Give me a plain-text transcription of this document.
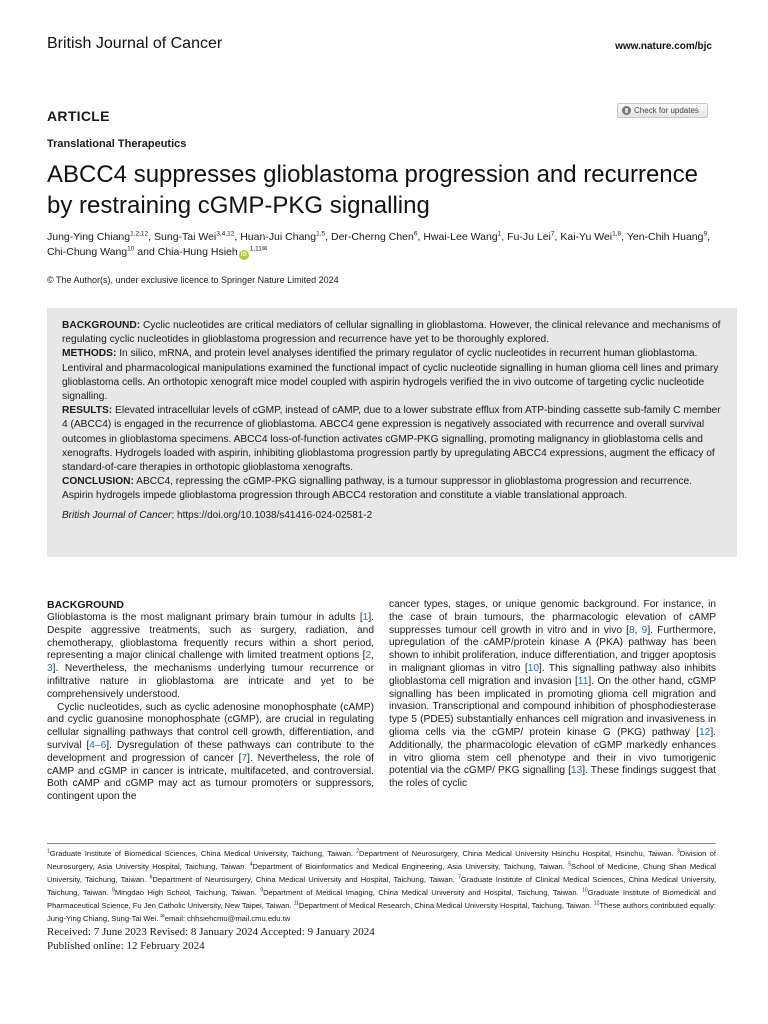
British Journal of Cancer	www.nature.com/bjc
ARTICLE	Check for updates
Translational Therapeutics
ABCC4 suppresses glioblastoma progression and recurrence by restraining cGMP-PKG signalling
Jung-Ying Chiang$^{1,2,12}$, Sung-Tai Wei$^{3,4,12}$, Huan-Jui Chang$^{1,5}$, Der-Cherng Chen$^6$, Hwai-Lee Wang$^1$, Fu-Ju Lei$^7$, Kai-Yu Wei$^{1,8}$, Yen-Chih Huang$^9$, Chi-Chung Wang$^{10}$ and Chia-Hung Hsieh $iD^{1,11✉}$
© The Author(s), under exclusive licence to Springer Nature Limited 2024

BACKGROUND: Cyclic nucleotides are critical mediators of cellular signalling in glioblastoma. However, the clinical relevance and mechanisms of regulating cyclic nucleotides in glioblastoma progression and recurrence have yet to be thoroughly explored.

METHODS: In silico, mRNA, and protein level analyses identified the primary regulator of cyclic nucleotides in recurrent human glioblastoma. Lentiviral and pharmacological manipulations examined the functional impact of cyclic nucleotide signalling in human glioma cell lines and primary glioblastoma cells. An orthotopic xenograft mice model coupled with aspirin hydrogels verified the in vivo outcome of targeting cyclic nucleotide signalling.

RESULTS: Elevated intracellular levels of cGMP, instead of cAMP, due to a lower substrate efflux from ATP-binding cassette sub-family C member 4 (ABCC4) is engaged in the recurrence of glioblastoma. ABCC4 gene expression is negatively associated with recurrence and overall survival outcomes in glioblastoma specimens. ABCC4 loss-of-function activates cGMP-PKG signalling, promoting malignancy in glioblastoma cells and xenografts. Hydrogels loaded with aspirin, inhibiting glioblastoma progression partly by upregulating ABCC4 expressions, augment the efficacy of standard-of-care therapies in orthotopic glioblastoma xenografts.

CONCLUSION: ABCC4, repressing the cGMP-PKG signalling pathway, is a tumour suppressor in glioblastoma progression and recurrence. Aspirin hydrogels impede glioblastoma progression through ABCC4 restoration and constitute a viable translational approach.

British Journal of Cancer; https://doi.org/10.1038/s41416-024-02581-2

BACKGROUND

Glioblastoma is the most malignant primary brain tumour in adults [1]. Despite aggressive treatments, such as surgery, radiation, and chemotherapy, glioblastoma frequently recurs within a short period, representing a major clinical challenge with limited treatment options [2, 3]. Nevertheless, the mechanisms underlying tumour recurrence or infiltrative nature in glioblastoma are intricate and yet to be comprehensively understood.

Cyclic nucleotides, such as cyclic adenosine monophosphate (cAMP) and cyclic guanosine monophosphate (cGMP), are crucial in regulating cellular signalling pathways that control cell growth, differentiation, and survival [4–6]. Dysregulation of these pathways can contribute to the development and progression of cancer [7]. Nevertheless, the role of cAMP and cGMP in cancer is intricate, multifaceted, and controversial. Both cAMP and cGMP may act as tumour promoters or suppressors, contingent upon the

cancer types, stages, or unique genomic background. For instance, in the case of brain tumours, the pharmacologic elevation of cAMP suppresses tumour cell growth in vitro and in vivo [8, 9]. Furthermore, upregulation of the cAMP/protein kinase A (PKA) pathway has been shown to inhibit proliferation, induce differentiation, and trigger apoptosis in malignant gliomas in vitro [10]. This signalling pathway also inhibits glioblastoma cell migration and invasion [11]. On the other hand, cGMP signalling has been implicated in promoting glioma cell migration and invasion. Transcriptional and compound inhibition of phosphodiesterase type 5 (PDE5) substantially enhances cell migration and invasiveness in glioma cells via the cGMP/ protein kinase G (PKG) pathway [12]. Additionally, the pharmacologic elevation of cGMP markedly enhances in vitro glioma stem cell phenotype and their in vivo tumorigenic potential via the cGMP/ PKG signalling [13]. These findings suggest that the roles of cyclic

$^1$Graduate Institute of Biomedical Sciences, China Medical University, Taichung, Taiwan. $^2$Department of Neurosurgery, China Medical University Hsinchu Hospital, Hsinchu, Taiwan. $^3$Division of Neurosurgery, Asia University Hospital, Taichung, Taiwan. $^4$Department of Bioinformatics and Medical Engineering, Asia University, Taichung, Taiwan. $^5$School of Medicine, Chung Shan Medical University, Taichung, Taiwan. $^6$Department of Neurosurgery, China Medical University and Hospital, Taichung, Taiwan. $^7$Graduate Institute of Clinical Medical Sciences, China Medical University, Taichung, Taiwan. $^8$Mingdao High School, Taichung, Taiwan. $^9$Department of Medical Imaging, China Medical University and Hospital, Taichung, Taiwan. $^{10}$Graduate Institute of Biomedical and Pharmaceutical Science, Fu Jen Catholic University, New Taipei, Taiwan. $^{11}$Department of Medical Research, China Medical University Hospital, Taichung, Taiwan. $^{12}$These authors contributed equally: Jung-Ying Chiang, Sung-Tai Wei. ✉email: chhsiehcmu@mail.cmu.edu.tw
Received: 7 June 2023 Revised: 8 January 2024 Accepted: 9 January 2024
Published online: 12 February 2024
